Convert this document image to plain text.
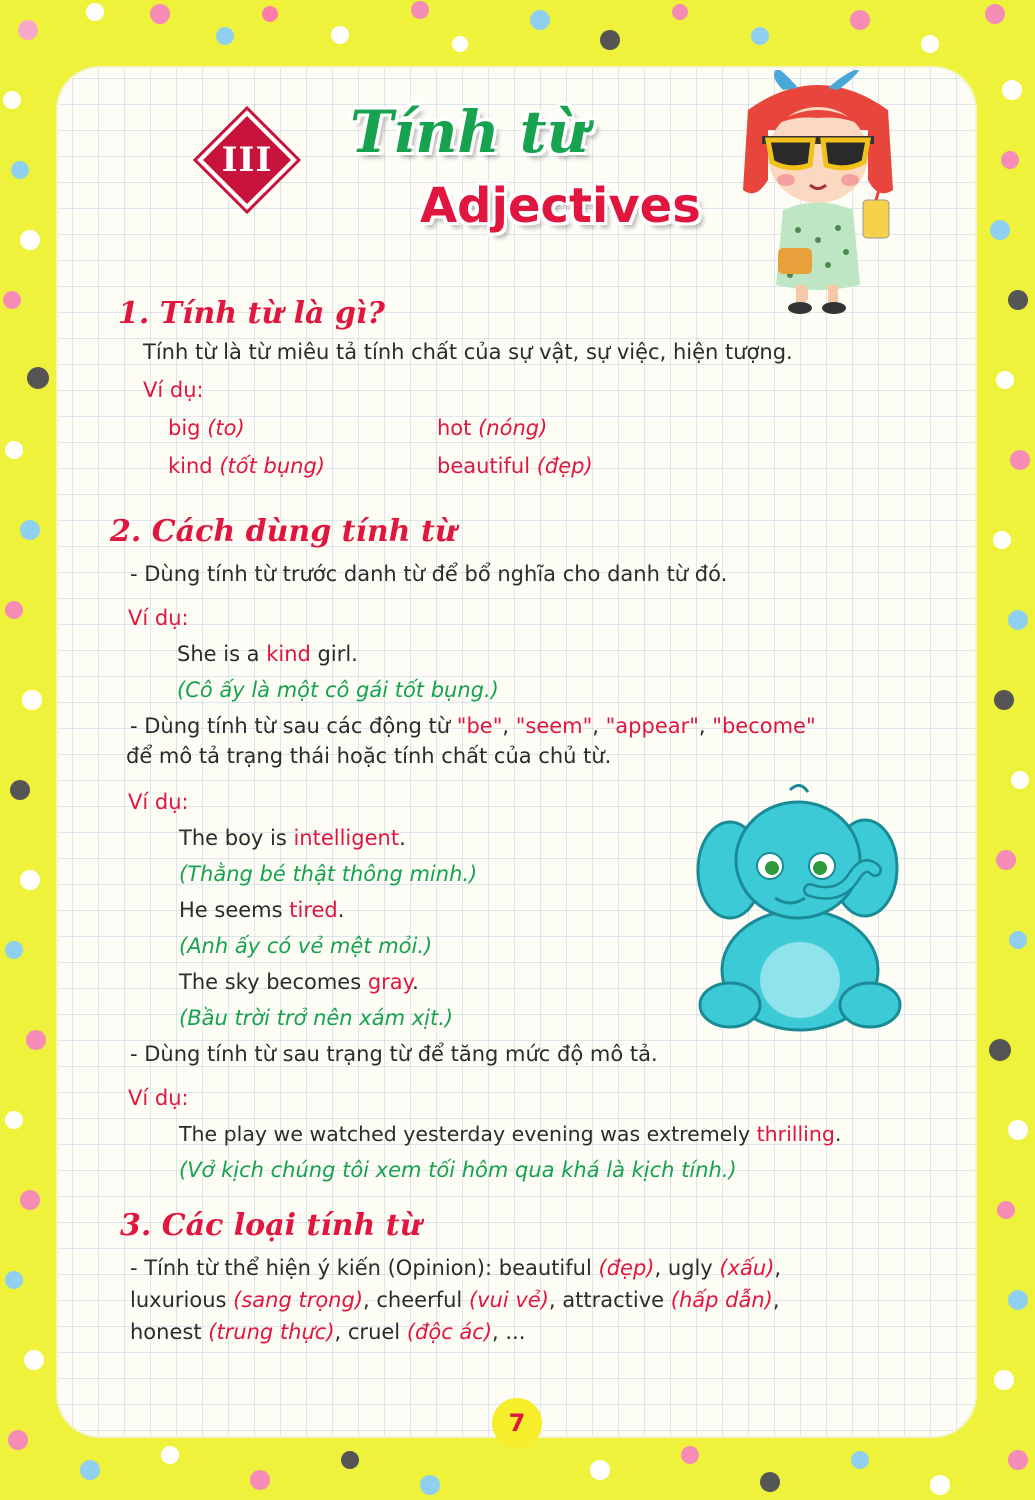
III	Tính từ
Adjectives
1. Tính từ là gì?
Tính từ là từ miêu tả tính chất của sự vật, sự việc, hiện tượng.
Ví dụ:
big (to)	hot (nóng)
kind (tốt bụng)	beautiful (đẹp)
2. Cách dùng tính từ
- Dùng tính từ trước danh từ để bổ nghĩa cho danh từ đó.
Ví dụ:
She is a kind girl.
(Cô ấy là một cô gái tốt bụng.)
- Dùng tính từ sau các động từ "be", "seem", "appear", "become"
để mô tả trạng thái hoặc tính chất của chủ từ.
Ví dụ:
The boy is intelligent.
(Thằng bé thật thông minh.)
He seems tired.
(Anh ấy có vẻ mệt mỏi.)
The sky becomes gray.
(Bầu trời trở nên xám xịt.)
- Dùng tính từ sau trạng từ để tăng mức độ mô tả.
Ví dụ:
The play we watched yesterday evening was extremely thrilling.
(Vở kịch chúng tôi xem tối hôm qua khá là kịch tính.)
3. Các loại tính từ
- Tính từ thể hiện ý kiến (Opinion): beautiful (đẹp), ugly (xấu),
luxurious (sang trọng), cheerful (vui vẻ), attractive (hấp dẫn),
honest (trung thực), cruel (độc ác), ...
7
